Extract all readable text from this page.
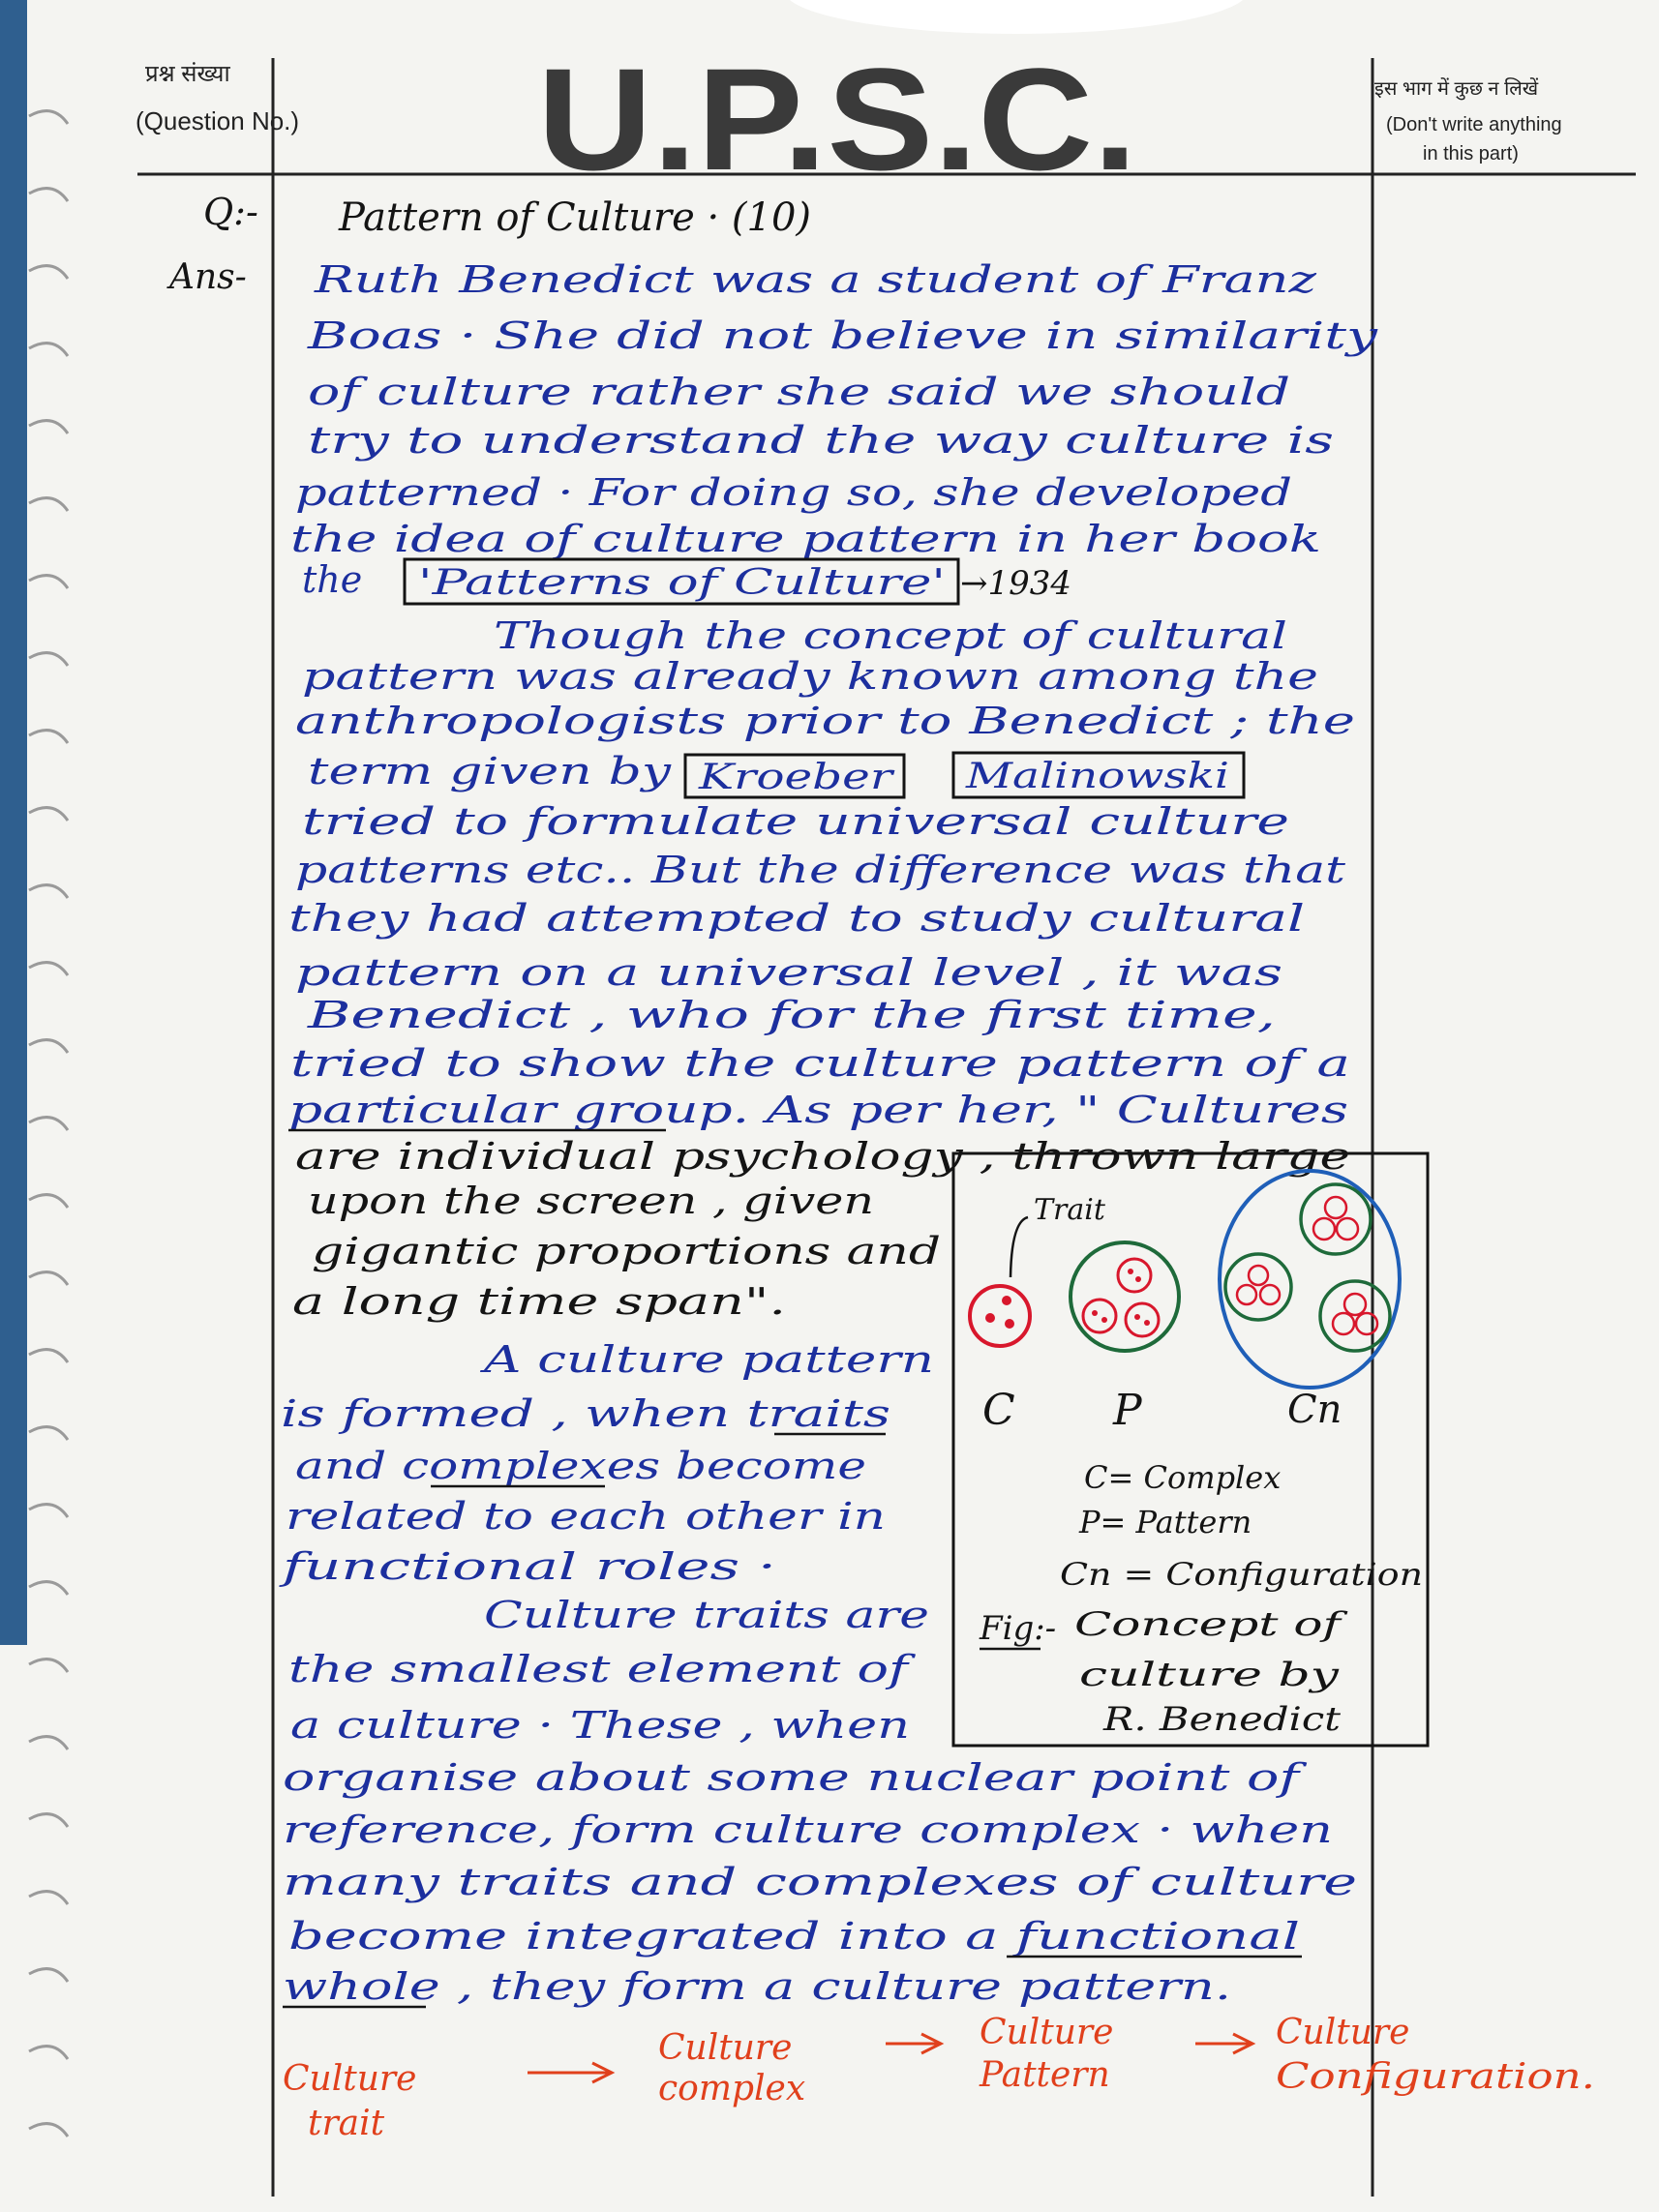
प्रश्न संख्या
(Question No.) U.P.S.C.	इस भाग में कुछ न लिखें
(Don't write anything
in this part)
Q:- Pattern of Culture · (10)
Ans- Ruth Benedict was a student of Franz
Boas · She did not believe in similarity
of culture rather she said we should
try to understand the way culture is
patterned · For doing so, she developed
the idea of culture pattern in her book
the 'Patterns of Culture' →1934
Though the concept of cultural
pattern was already known among the
anthropologists prior to Benedict ; the
term given by Kroeber Malinowski
tried to formulate universal culture
patterns etc.. But the difference was that
they had attempted to study cultural
pattern on a universal level , it was
Benedict , who for the first time,
tried to show the culture pattern of a
particular group. As per her, " Cultures
are individual psychology , thrown large
upon the screen , given
gigantic proportions and
a long time span".
A culture pattern
is formed , when traits
and complexes become
related to each other in
functional roles ·
Culture traits are
the smallest element of
a culture · These , when
organise about some nuclear point of
reference, form culture complex · when
many traits and complexes of culture
become integrated into a functional
whole , they form a culture pattern.
Culture
trait
Culture
complex
Culture
Pattern
Culture
Configuration.
Trait
C P	Cn
C= Complex
P= Pattern
Cn = Configuration
Fig:- Concept of
culture by
R. Benedict
